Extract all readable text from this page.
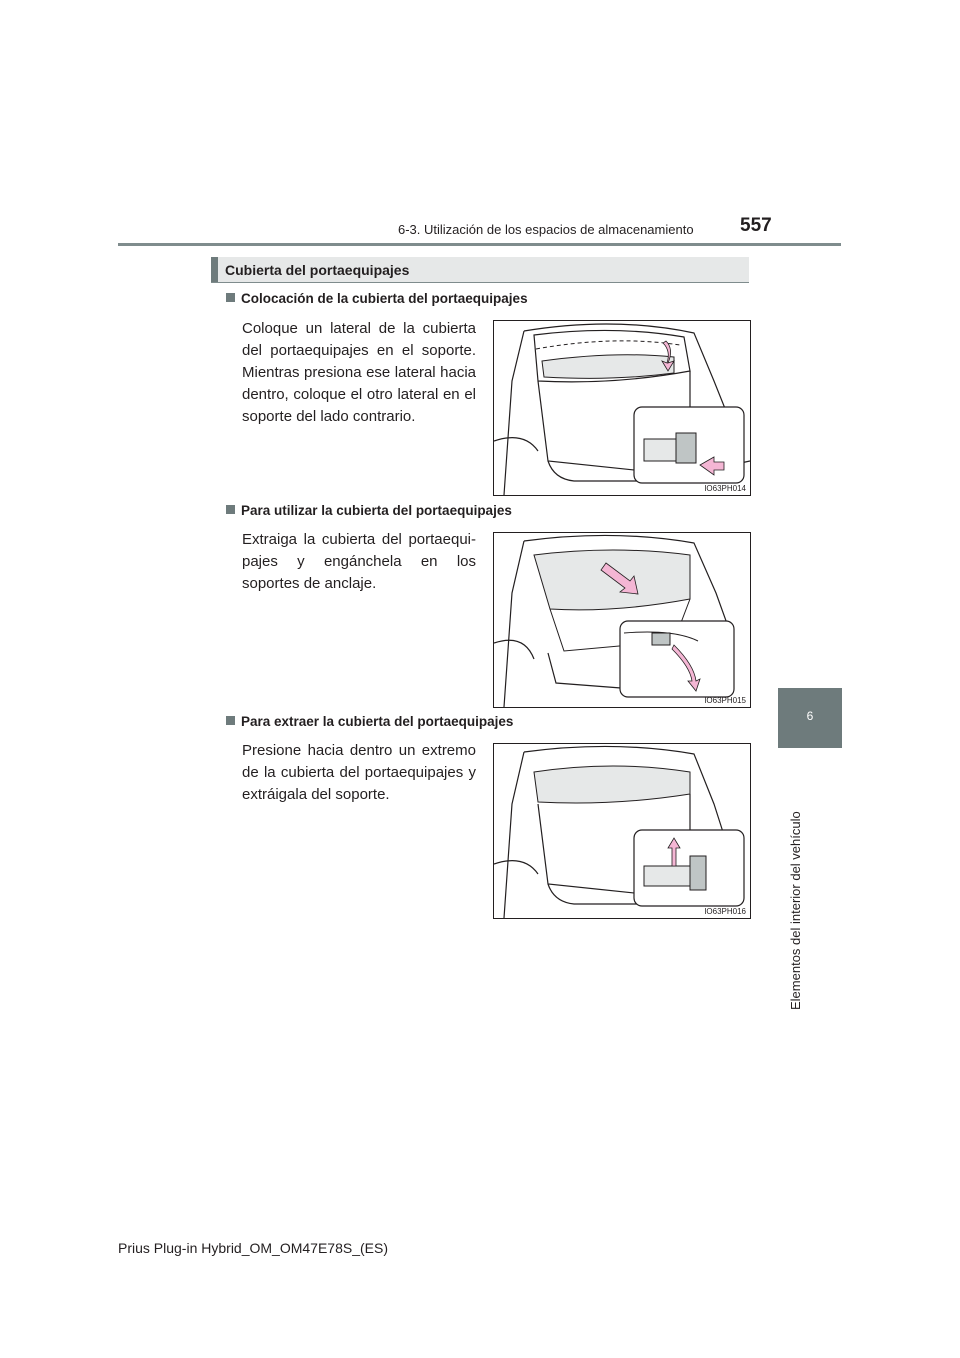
6-3. Utilización de los espacios de almacenamiento 557
6
Elementos del interior del vehículo
Cubierta del portaequipajes
Colocación de la cubierta del portaequipajes
Coloque un lateral de la cubierta del portaequipajes en el soporte. Mientras presiona ese lateral hacia dentro, coloque el otro lateral en el soporte del lado contrario.
IO63PH014
Para utilizar la cubierta del portaequipajes
Extraiga la cubierta del portaequi-pajes y engánchela en los soportes de anclaje.
IO63PH015
Para extraer la cubierta del portaequipajes
Presione hacia dentro un extremo de la cubierta del portaequipajes y extráigala del soporte.
IO63PH016
Prius Plug-in Hybrid_OM_OM47E78S_(ES)
